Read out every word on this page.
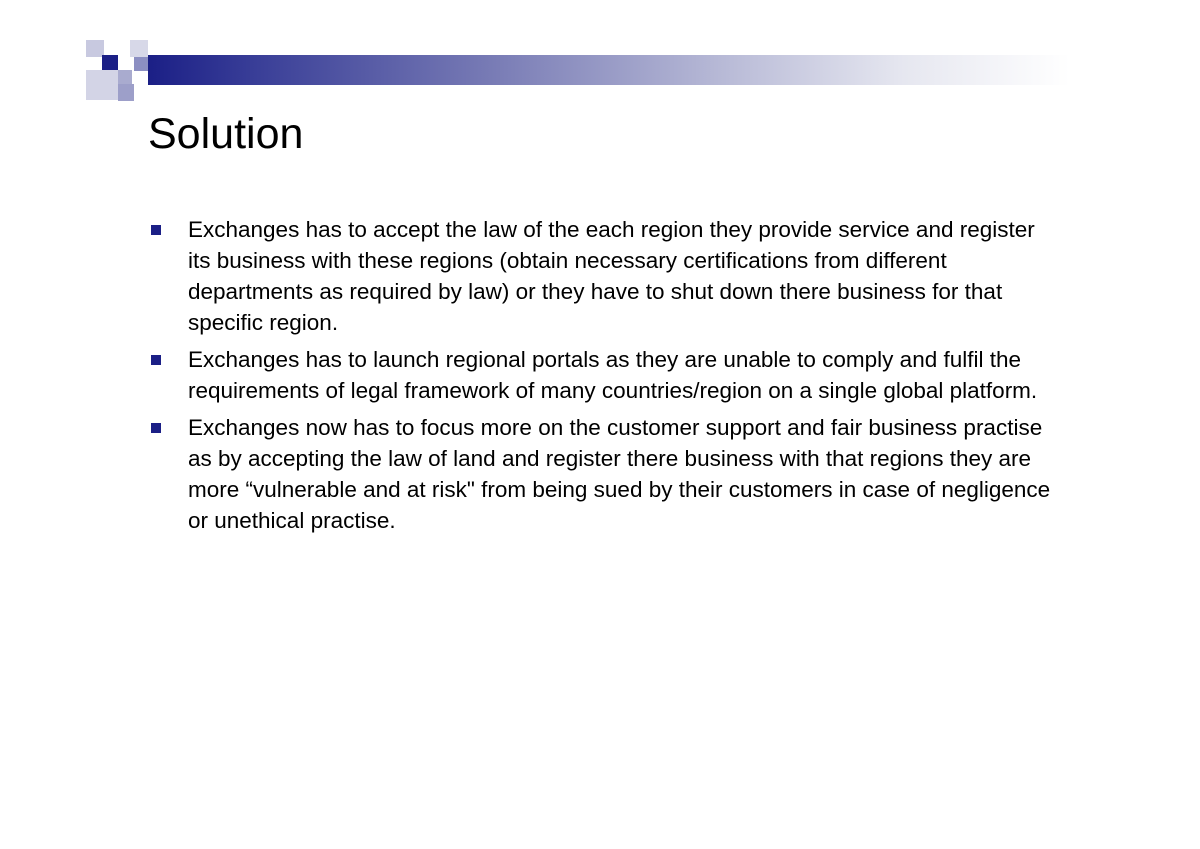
Solution
Exchanges has to accept the law of the each region they provide service and register its business with these regions (obtain necessary certifications from different departments as required by law) or they have to shut down there business for that specific region.
Exchanges has to launch regional portals as they are unable to comply and fulfil the requirements of legal framework of many countries/region on a single global platform.
Exchanges now has to focus more on the customer support and fair business practise as by accepting the law of land and register there business with that regions they are more “vulnerable and at risk" from being sued by their customers in case of negligence or unethical practise.
